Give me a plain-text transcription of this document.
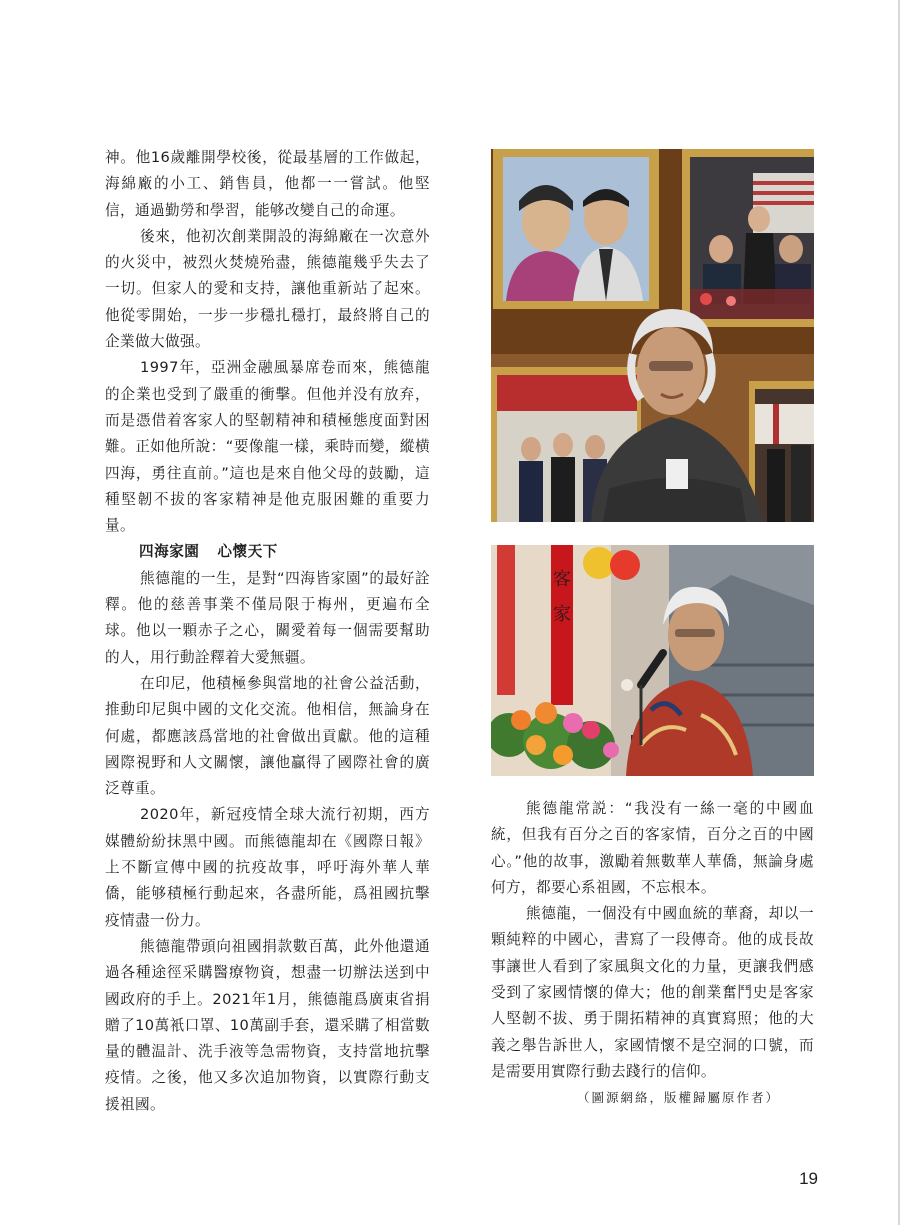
神。他16歲離開學校後，從最基層的工作做起，海綿廠的小工、銷售員，他都一一嘗試。他堅信，通過勤勞和學習，能够改變自己的命運。

後來，他初次創業開設的海綿廠在一次意外的火災中，被烈火焚燒殆盡，熊德龍幾乎失去了一切。但家人的愛和支持，讓他重新站了起來。他從零開始，一步一步穩扎穩打，最終將自己的企業做大做强。

1997年，亞洲金融風暴席卷而來，熊德龍的企業也受到了嚴重的衝擊。但他并没有放弃，而是憑借着客家人的堅韌精神和積極態度面對困難。正如他所說：“要像龍一樣，乘時而變，縱横四海，勇往直前。”這也是來自他父母的鼓勵，這種堅韌不拔的客家精神是他克服困難的重要力量。

四海家園 心懷天下

熊德龍的一生，是對“四海皆家園”的最好詮釋。他的慈善事業不僅局限于梅州，更遍布全球。他以一顆赤子之心，關愛着每一個需要幫助的人，用行動詮釋着大愛無疆。

在印尼，他積極參與當地的社會公益活動，推動印尼與中國的文化交流。他相信，無論身在何處，都應該爲當地的社會做出貢獻。他的這種國際視野和人文關懷，讓他贏得了國際社會的廣泛尊重。

2020年，新冠疫情全球大流行初期，西方媒體紛紛抹黑中國。而熊德龍却在《國際日報》上不斷宣傳中國的抗疫故事，呼吁海外華人華僑，能够積極行動起來，各盡所能，爲祖國抗擊疫情盡一份力。

熊德龍帶頭向祖國捐款數百萬，此外他還通過各種途徑采購醫療物資，想盡一切辦法送到中國政府的手上。2021年1月，熊德龍爲廣東省捐贈了10萬衹口罩、10萬副手套，還采購了相當數量的體温計、洗手液等急需物資，支持當地抗擊疫情。之後，他又多次追加物資，以實際行動支援祖國。

客
家

熊德龍常説：“我没有一絲一毫的中國血統，但我有百分之百的客家情，百分之百的中國心。”他的故事，激勵着無數華人華僑，無論身處何方，都要心系祖國，不忘根本。

熊德龍，一個没有中國血統的華裔，却以一顆純粹的中國心，書寫了一段傳奇。他的成長故事讓世人看到了家風與文化的力量，更讓我們感受到了家國情懷的偉大；他的創業奮鬥史是客家人堅韌不拔、勇于開拓精神的真實寫照；他的大義之舉告訴世人，家國情懷不是空洞的口號，而是需要用實際行動去踐行的信仰。

（圖源網絡，版權歸屬原作者）
19
